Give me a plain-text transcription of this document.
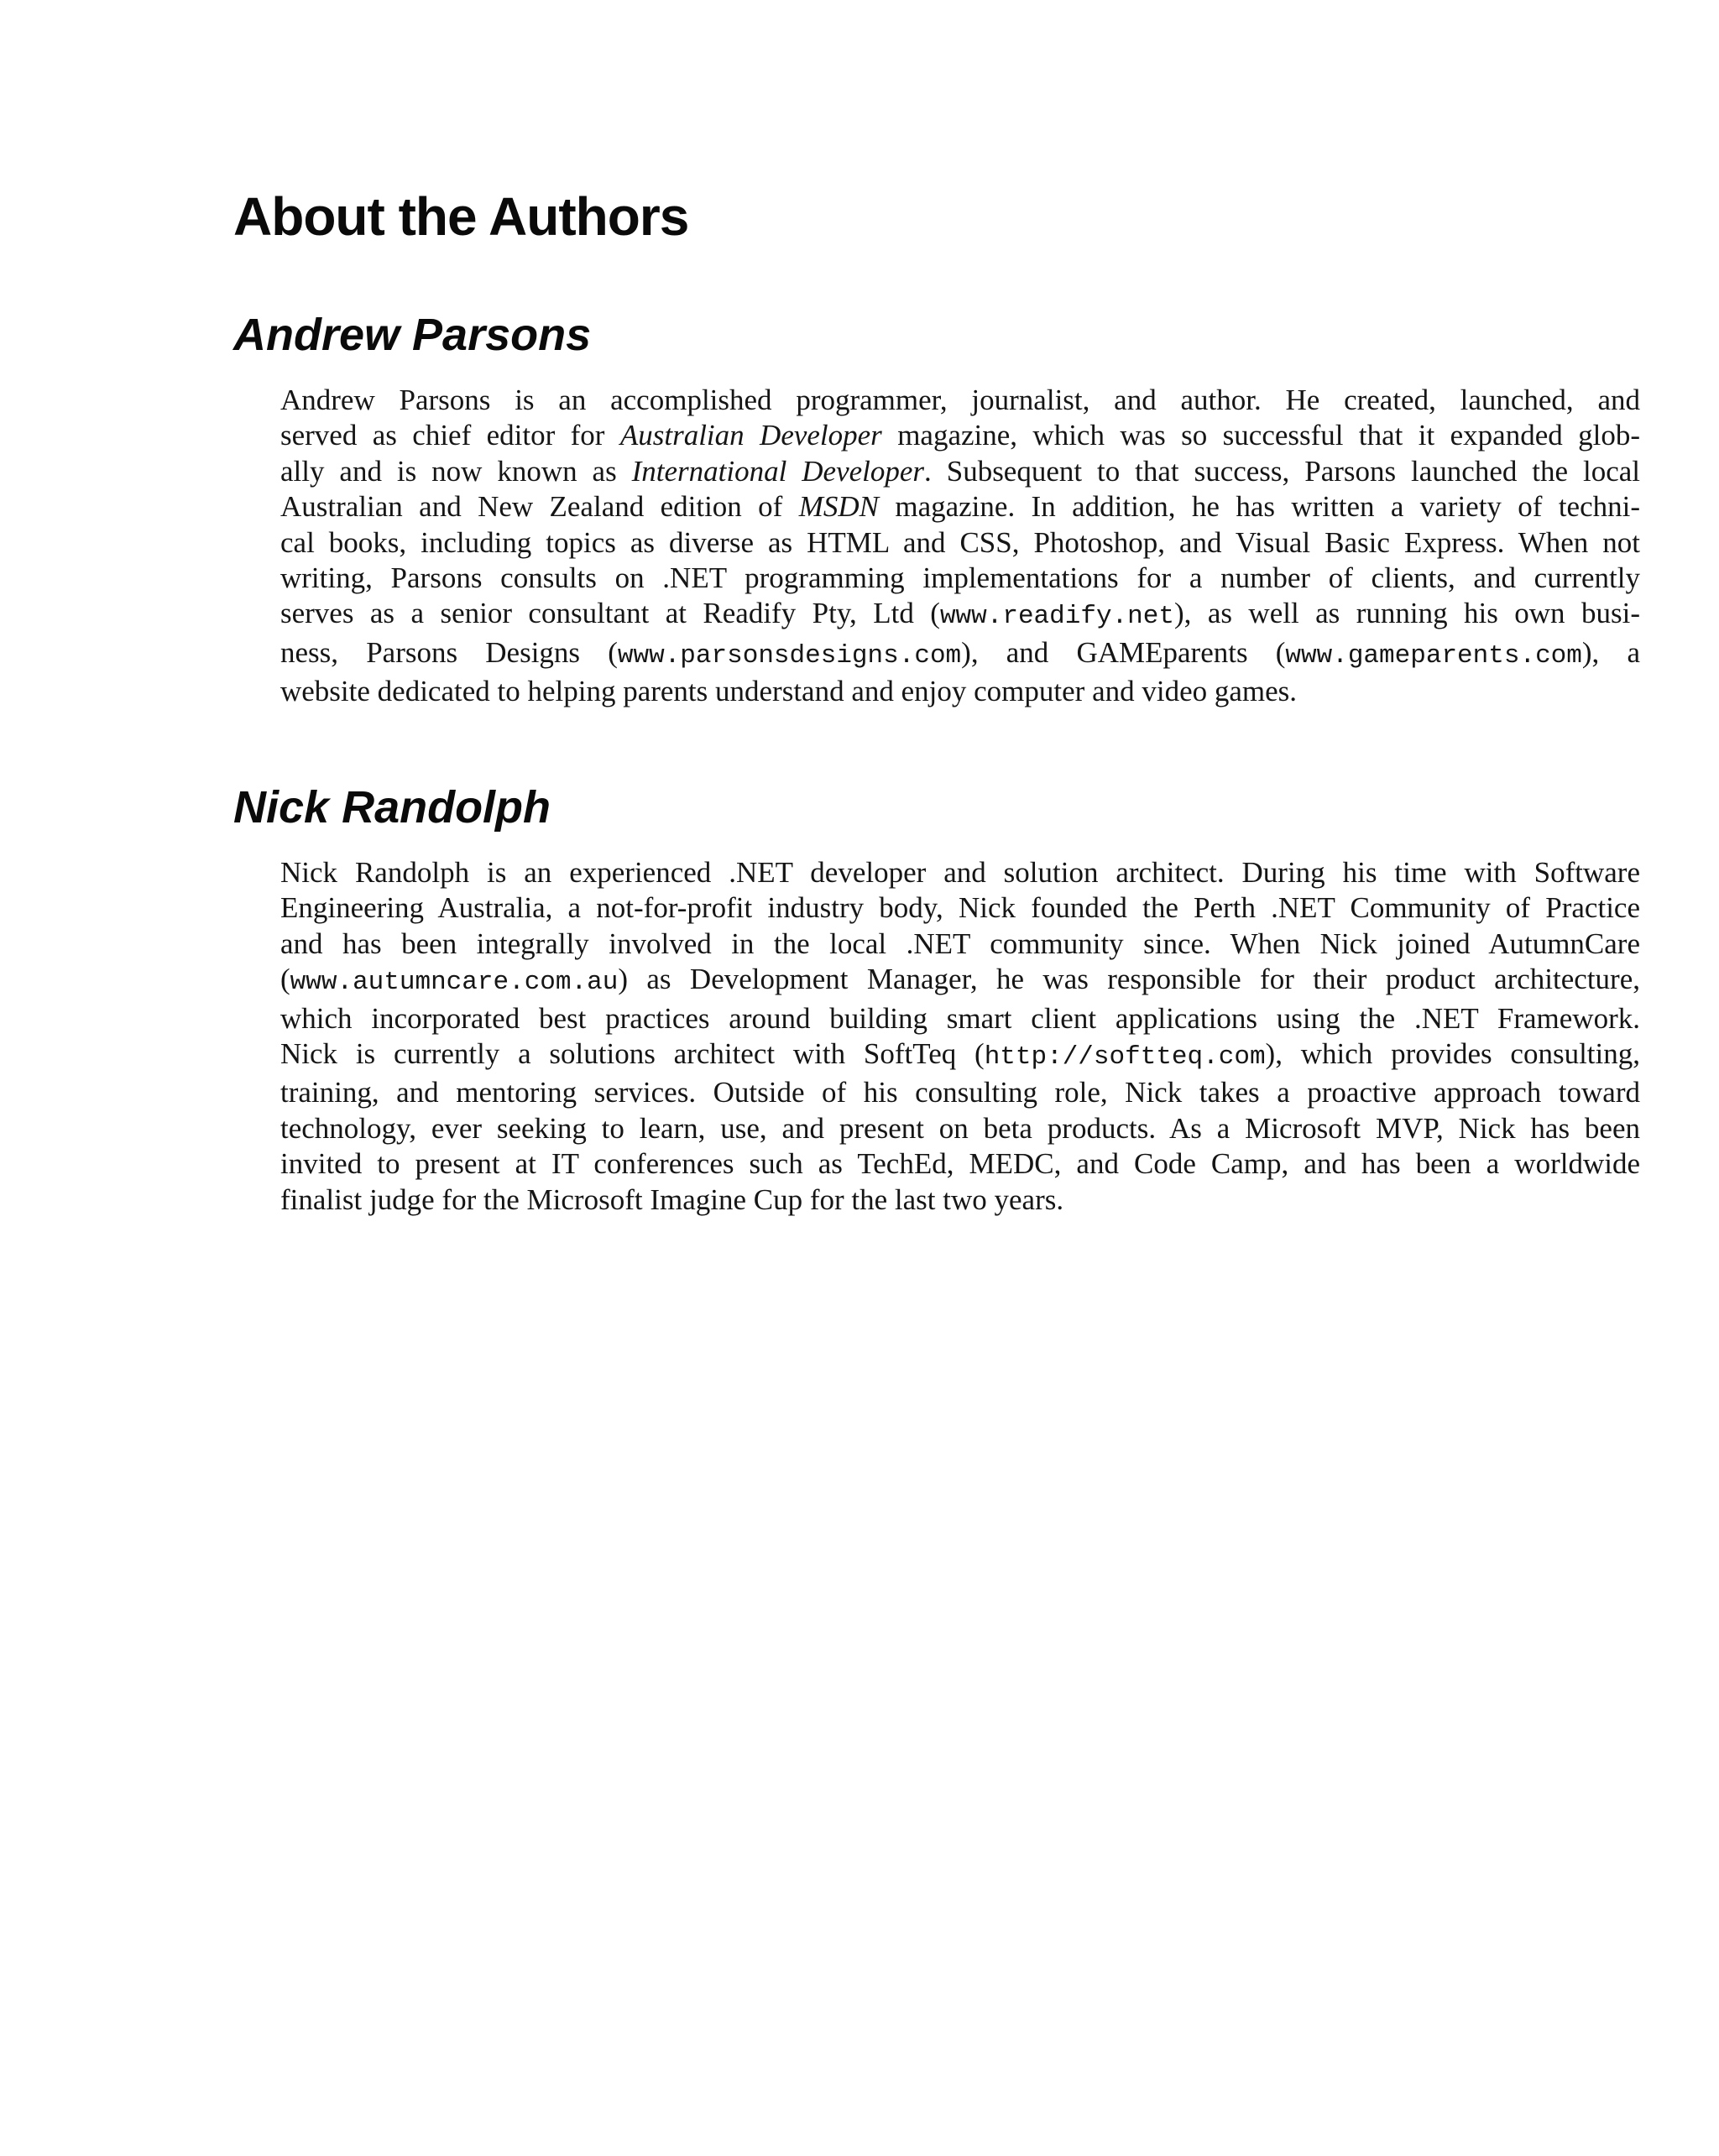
About the Authors
Andrew Parsons
Andrew Parsons is an accomplished programmer, journalist, and author. He created, launched, and
served as chief editor for Australian Developer magazine, which was so successful that it expanded glob-
ally and is now known as International Developer. Subsequent to that success, Parsons launched the local
Australian and New Zealand edition of MSDN magazine. In addition, he has written a variety of techni-
cal books, including topics as diverse as HTML and CSS, Photoshop, and Visual Basic Express. When not
writing, Parsons consults on .NET programming implementations for a number of clients, and currently
serves as a senior consultant at Readify Pty, Ltd (www.readify.net), as well as running his own busi-
ness, Parsons Designs (www.parsonsdesigns.com), and GAMEparents (www.gameparents.com), a
website dedicated to helping parents understand and enjoy computer and video games.
Nick Randolph
Nick Randolph is an experienced .NET developer and solution architect. During his time with Software
Engineering Australia, a not-for-profit industry body, Nick founded the Perth .NET Community of Practice
and has been integrally involved in the local .NET community since. When Nick joined AutumnCare
(www.autumncare.com.au) as Development Manager, he was responsible for their product architecture,
which incorporated best practices around building smart client applications using the .NET Framework.
Nick is currently a solutions architect with SoftTeq (http://softteq.com), which provides consulting,
training, and mentoring services. Outside of his consulting role, Nick takes a proactive approach toward
technology, ever seeking to learn, use, and present on beta products. As a Microsoft MVP, Nick has been
invited to present at IT conferences such as TechEd, MEDC, and Code Camp, and has been a worldwide
finalist judge for the Microsoft Imagine Cup for the last two years.
